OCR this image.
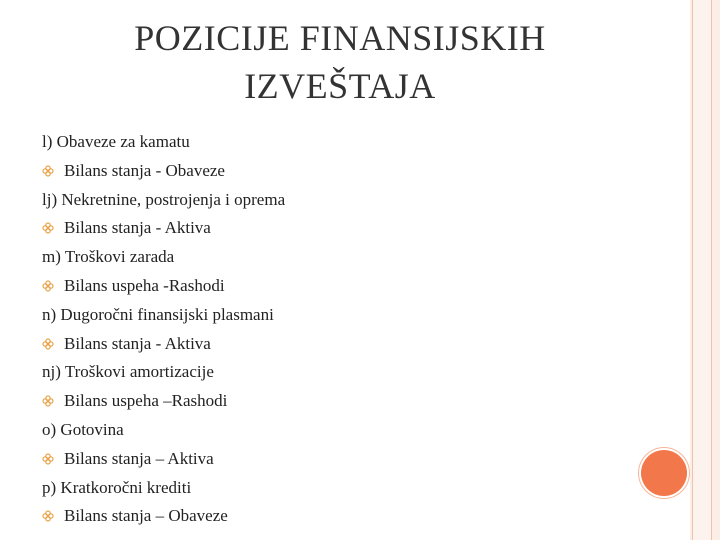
POZICIJE FINANSIJSKIH
IZVEŠTAJA
l) Obaveze za kamatu
Bilans stanja - Obaveze
lj) Nekretnine, postrojenja i oprema
Bilans stanja - Aktiva
m) Troškovi zarada
Bilans uspeha -Rashodi
n) Dugoročni finansijski plasmani
Bilans stanja - Aktiva
nj) Troškovi amortizacije
Bilans uspeha –Rashodi
o) Gotovina
Bilans stanja – Aktiva
p) Kratkoročni krediti
Bilans stanja – Obaveze
